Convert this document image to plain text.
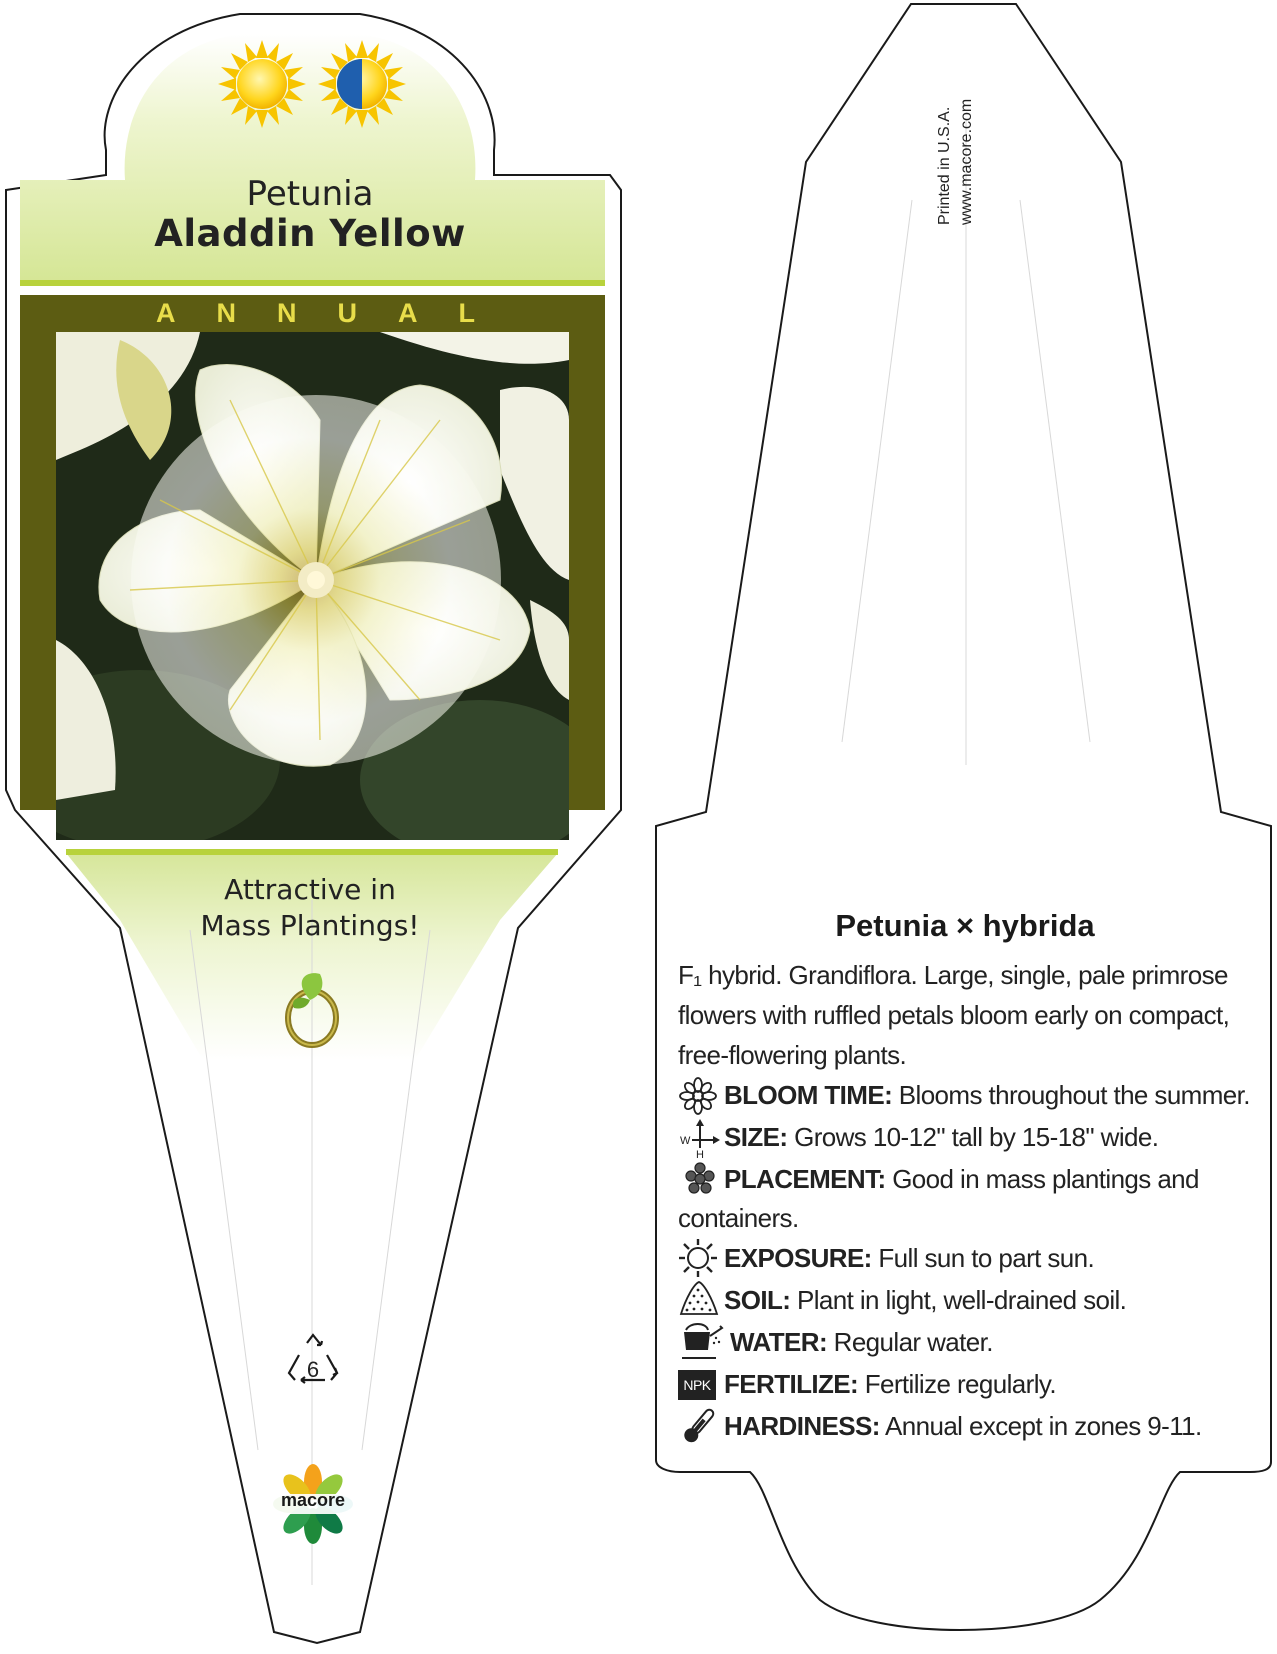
Petunia
Aladdin Yellow
ANNUAL
Attractive in
Mass Plantings!
6
macore
Printed in U.S.A. www.macore.com
Petunia × hybrida
F₁ hybrid. Grandiflora. Large, single, pale primrose
flowers with ruffled petals bloom early on compact,
free-flowering plants.
BLOOM TIME: Blooms throughout the summer.
SIZE: Grows 10-12" tall by 15-18" wide.
PLACEMENT: Good in mass plantings and
containers.
EXPOSURE: Full sun to part sun.
SOIL: Plant in light, well-drained soil.
WATER: Regular water.
FERTILIZE: Fertilize regularly.
HARDINESS: Annual except in zones 9-11.
W
H
NPK
